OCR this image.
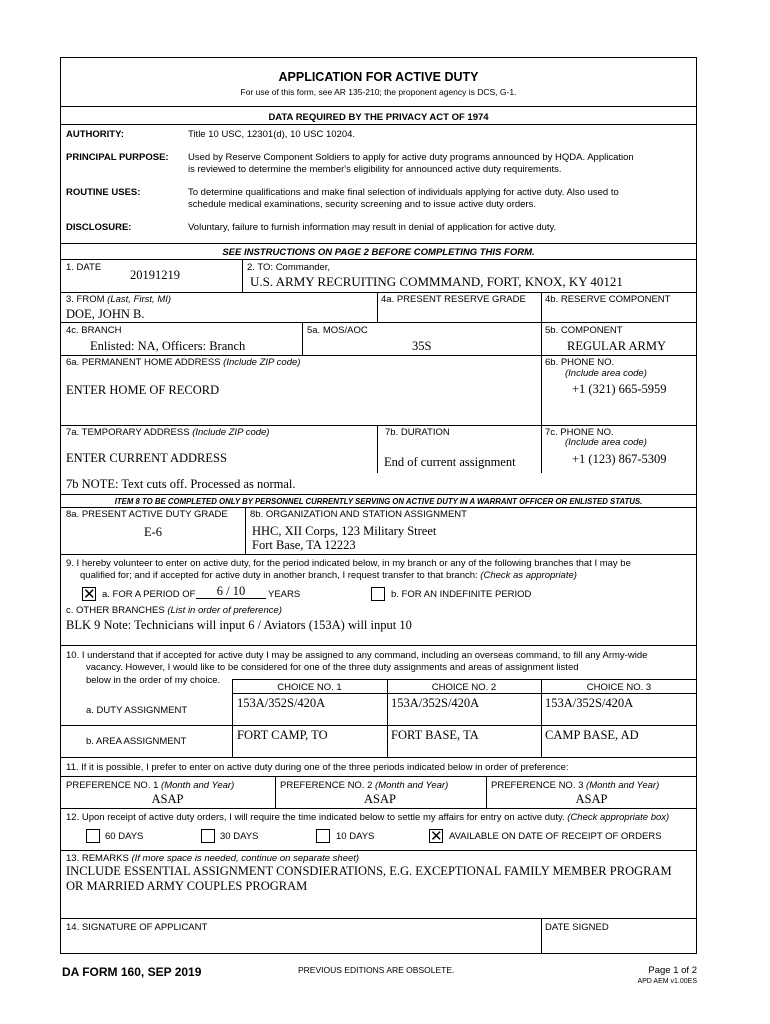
APPLICATION FOR ACTIVE DUTY
For use of this form, see AR 135-210; the proponent agency is DCS, G-1.
DATA REQUIRED BY THE PRIVACY ACT OF 1974
AUTHORITY:	Title 10 USC, 12301(d), 10 USC 10204.
PRINCIPAL PURPOSE: Used by Reserve Component Soldiers to apply for active duty programs announced by HQDA. Application
is reviewed to determine the member's eligibility for announced active duty requirements.
ROUTINE USES:	To determine qualifications and make final selection of individuals applying for active duty. Also used to
schedule medical examinations, security screening and to issue active duty orders.
DISCLOSURE:	Voluntary, failure to furnish information may result in denial of application for active duty.
SEE INSTRUCTIONS ON PAGE 2 BEFORE COMPLETING THIS FORM.
1. DATE
20191219
2. TO: Commander,
U.S. ARMY RECRUITING COMMMAND, FORT, KNOX, KY 40121
3. FROM (Last, First, MI)
DOE, JOHN B.
4a. PRESENT RESERVE GRADE 4b. RESERVE COMPONENT
4c. BRANCH
Enlisted: NA, Officers: Branch
5a. MOS/AOC
35S
5b. COMPONENT
REGULAR ARMY
6a. PERMANENT HOME ADDRESS (Include ZIP code)
ENTER HOME OF RECORD
6b. PHONE NO.
(Include area code)
+1 (321) 665-5959
7a. TEMPORARY ADDRESS (Include ZIP code)
ENTER CURRENT ADDRESS
7b. DURATION
End of current assignment
7c. PHONE NO.
(Include area code)
+1 (123) 867-5309
7b NOTE: Text cuts off. Processed as normal.
ITEM 8 TO BE COMPLETED ONLY BY PERSONNEL CURRENTLY SERVING ON ACTIVE DUTY IN A WARRANT OFFICER OR ENLISTED STATUS.
8a. PRESENT ACTIVE DUTY GRADE
E-6
8b. ORGANIZATION AND STATION ASSIGNMENT
HHC, XII Corps, 123 Military Street
Fort Base, TA 12223
9. I hereby volunteer to enter on active duty, for the period indicated below, in my branch or any of the following branches that I may be
qualified for; and if accepted for active duty in another branch, I request transfer to that branch: (Check as appropriate)
✕ a. FOR A PERIOD OF	6 / 10	YEARS	b. FOR AN INDEFINITE PERIOD
c. OTHER BRANCHES (List in order of preference)
BLK 9 Note: Technicians will input 6 / Aviators (153A) will input 10
10. I understand that if accepted for active duty I may be assigned to any command, including an overseas command, to fill any Army-wide
vacancy. However, I would like to be considered for one of the three duty assignments and areas of assignment listed
below in the order of my choice.
CHOICE NO. 1	CHOICE NO. 2	CHOICE NO. 3
a. DUTY ASSIGNMENT
153A/352S/420A	153A/352S/420A	153A/352S/420A
b. AREA ASSIGNMENT	FORT CAMP, TO	FORT BASE, TA	CAMP BASE, AD
11. If it is possible, I prefer to enter on active duty during one of the three periods indicated below in order of preference:
PREFERENCE NO. 1 (Month and Year)
ASAP
PREFERENCE NO. 2 (Month and Year)
ASAP
PREFERENCE NO. 3 (Month and Year)
ASAP
12. Upon receipt of active duty orders, I will require the time indicated below to settle my affairs for entry on active duty. (Check appropriate box)
60 DAYS	30 DAYS	10 DAYS	✕ AVAILABLE ON DATE OF RECEIPT OF ORDERS
13. REMARKS (If more space is needed, continue on separate sheet)
INCLUDE ESSENTIAL ASSIGNMENT CONSDIERATIONS, E.G. EXCEPTIONAL FAMILY MEMBER PROGRAM
OR MARRIED ARMY COUPLES PROGRAM
14. SIGNATURE OF APPLICANT	DATE SIGNED
DA FORM 160, SEP 2019	PREVIOUS EDITIONS ARE OBSOLETE.	Page 1 of 2
APD AEM v1.00ES
